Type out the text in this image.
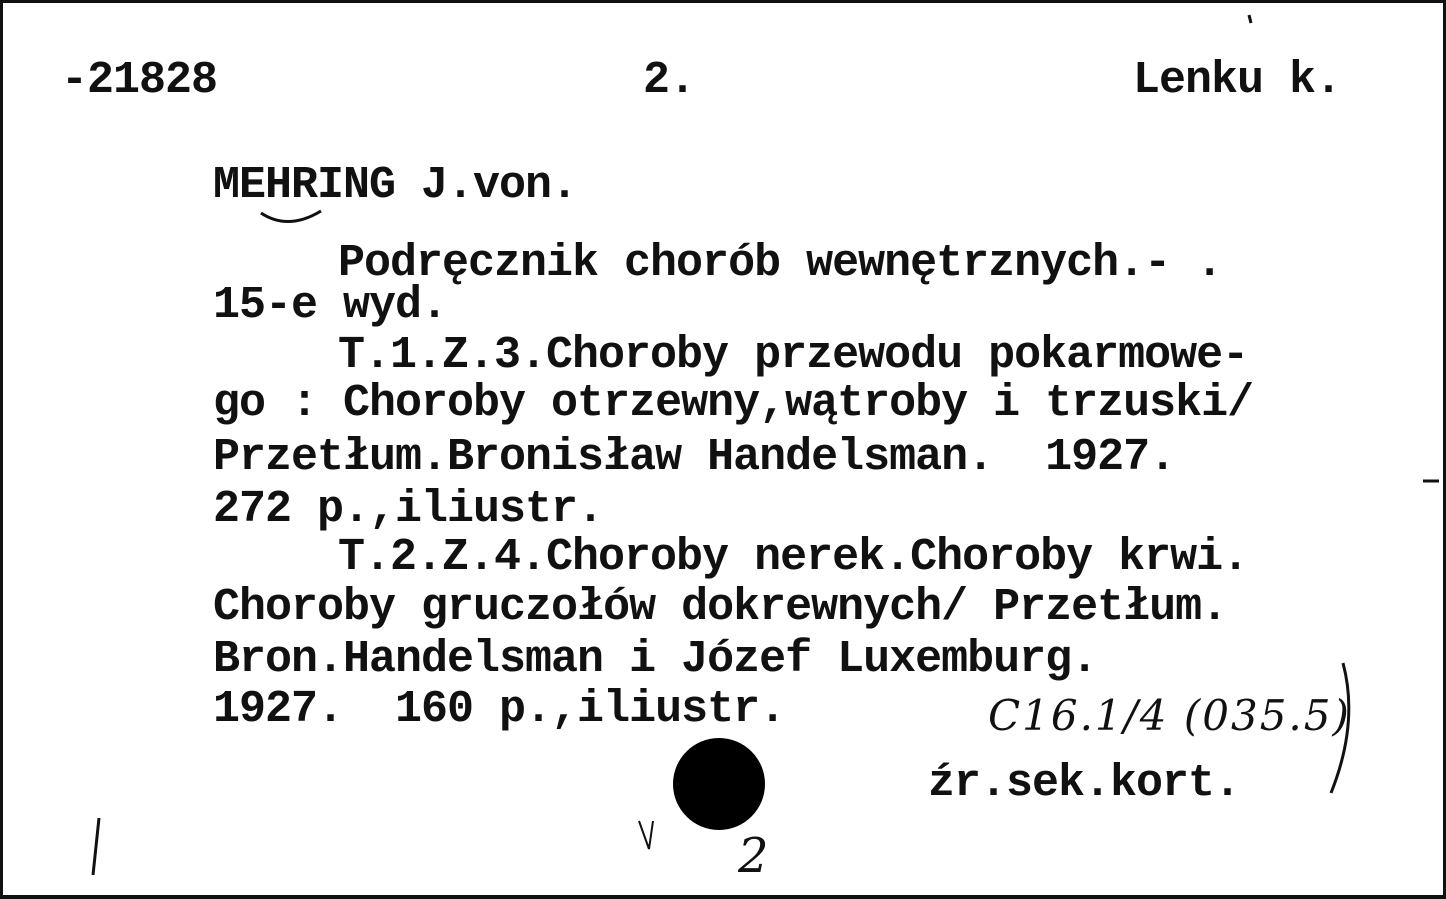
-21828	2.	Lenku k.
MEHRING J.von.
Podręcznik chorób wewnętrznych.- .
15-e wyd.
T.1.Z.3.Choroby przewodu pokarmowe-
go : Choroby otrzewny,wątroby i trzuski/
Przetłum.Bronisław Handelsman.  1927.
272 p.,iliustr.
T.2.Z.4.Choroby nerek.Choroby krwi.
Choroby gruczołów dokrewnych/ Przetłum.
Bron.Handelsman i Józef Luxemburg.
1927.  160 p.,iliustr.	C16.1/4 (035.5)
źr.sek.kort.
2
